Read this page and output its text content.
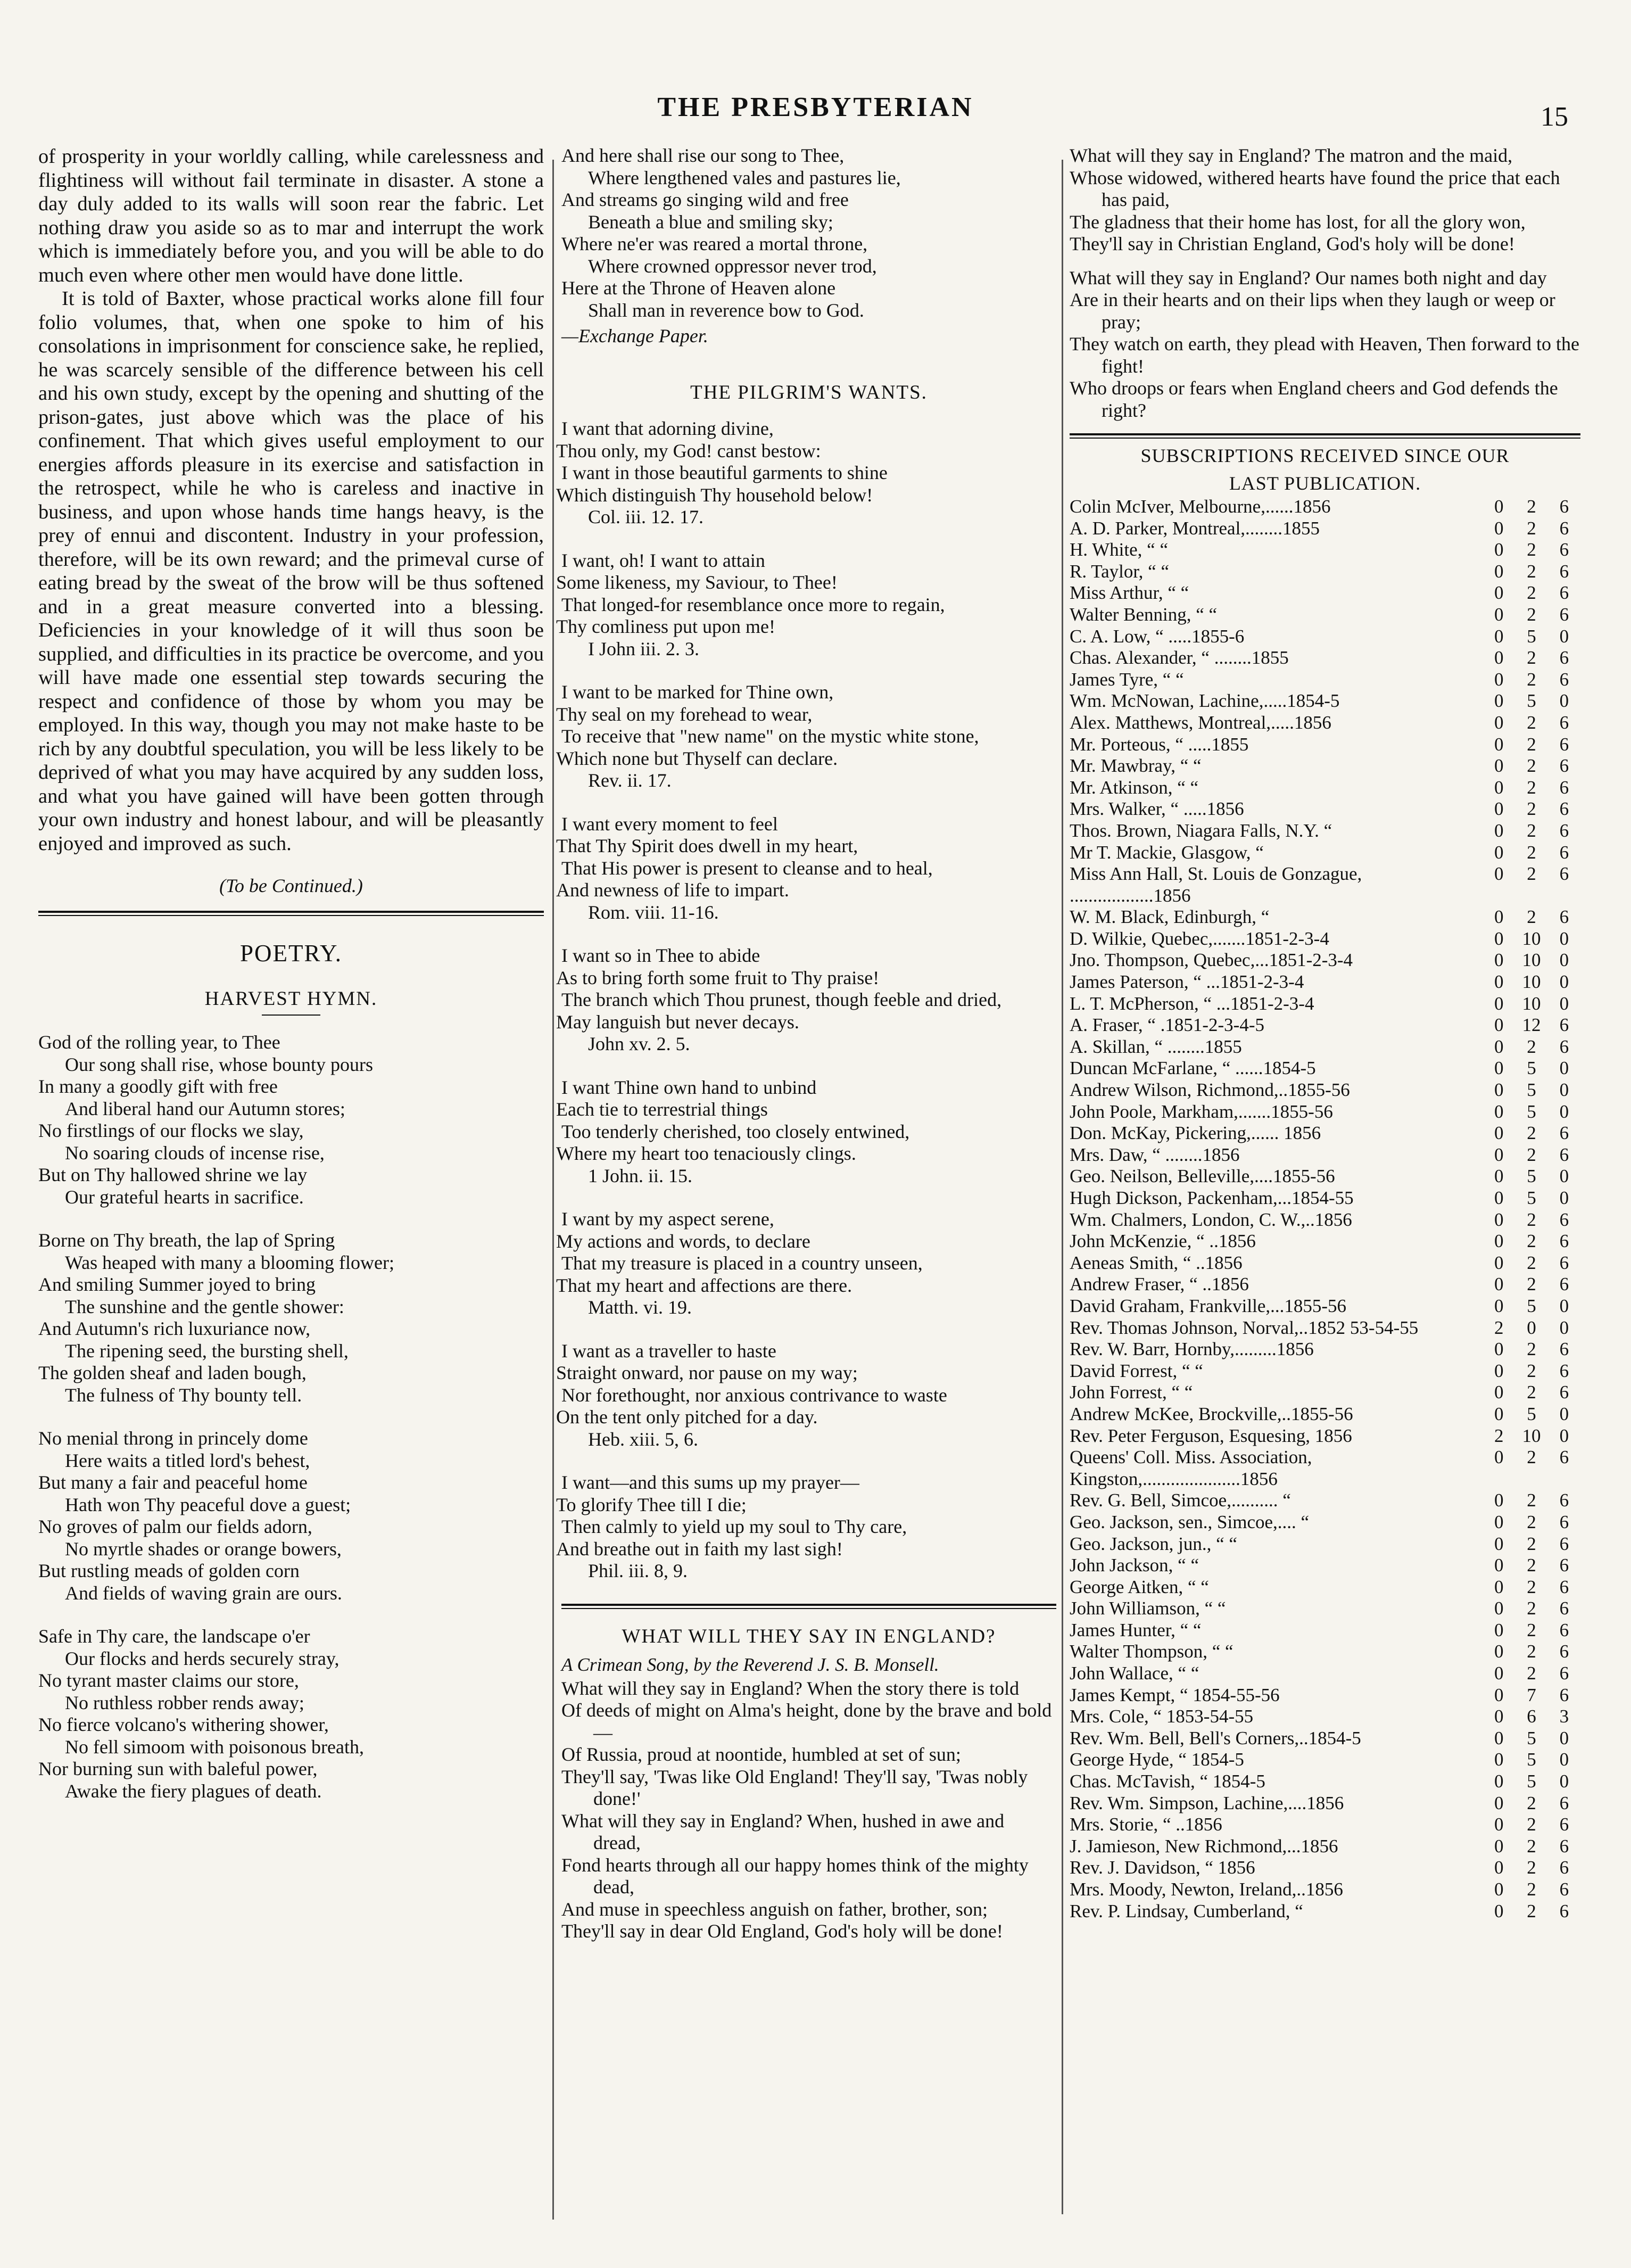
THE PRESBYTERIAN	15

of prosperity in your worldly calling, while carelessness and flightiness will without fail terminate in disaster. A stone a day duly added to its walls will soon rear the fabric. Let nothing draw you aside so as to mar and interrupt the work which is immediately before you, and you will be able to do much even where other men would have done little.

It is told of Baxter, whose practical works alone fill four folio volumes, that, when one spoke to him of his consolations in imprisonment for conscience sake, he replied, he was scarcely sensible of the difference between his cell and his own study, except by the opening and shutting of the prison-gates, just above which was the place of his confinement. That which gives useful employment to our energies affords pleasure in its exercise and satisfaction in the retrospect, while he who is careless and inactive in business, and upon whose hands time hangs heavy, is the prey of ennui and discontent. Industry in your profession, therefore, will be its own reward; and the primeval curse of eating bread by the sweat of the brow will be thus softened and in a great measure converted into a blessing. Deficiencies in your knowledge of it will thus soon be supplied, and difficulties in its practice be overcome, and you will have made one essential step towards securing the respect and confidence of those by whom you may be employed. In this way, though you may not make haste to be rich by any doubtful speculation, you will be less likely to be deprived of what you may have acquired by any sudden loss, and what you have gained will have been gotten through your own industry and honest labour, and will be pleasantly enjoyed and improved as such.

(To be Continued.)
POETRY.
HARVEST HYMN.
God of the rolling year, to Thee
Our song shall rise, whose bounty pours
In many a goodly gift with free
And liberal hand our Autumn stores;
No firstlings of our flocks we slay,
No soaring clouds of incense rise,
But on Thy hallowed shrine we lay
Our grateful hearts in sacrifice.
Borne on Thy breath, the lap of Spring
Was heaped with many a blooming flower;
And smiling Summer joyed to bring
The sunshine and the gentle shower:
And Autumn's rich luxuriance now,
The ripening seed, the bursting shell,
The golden sheaf and laden bough,
The fulness of Thy bounty tell.
No menial throng in princely dome
Here waits a titled lord's behest,
But many a fair and peaceful home
Hath won Thy peaceful dove a guest;
No groves of palm our fields adorn,
No myrtle shades or orange bowers,
But rustling meads of golden corn
And fields of waving grain are ours.
Safe in Thy care, the landscape o'er
Our flocks and herds securely stray,
No tyrant master claims our store,
No ruthless robber rends away;
No fierce volcano's withering shower,
No fell simoom with poisonous breath,
Nor burning sun with baleful power,
Awake the fiery plagues of death.
And here shall rise our song to Thee,
Where lengthened vales and pastures lie,
And streams go singing wild and free
Beneath a blue and smiling sky;
Where ne'er was reared a mortal throne,
Where crowned oppressor never trod,
Here at the Throne of Heaven alone
Shall man in reverence bow to God.
—Exchange Paper.
THE PILGRIM'S WANTS.
I want that adorning divine,
Thou only, my God! canst bestow:
I want in those beautiful garments to shine
Which distinguish Thy household below!
Col. iii. 12. 17.
I want, oh! I want to attain
Some likeness, my Saviour, to Thee!
That longed-for resemblance once more to regain,
Thy comliness put upon me!
I John iii. 2. 3.
I want to be marked for Thine own,
Thy seal on my forehead to wear,
To receive that "new name" on the mystic white stone,
Which none but Thyself can declare.
Rev. ii. 17.
I want every moment to feel
That Thy Spirit does dwell in my heart,
That His power is present to cleanse and to heal,
And newness of life to impart.
Rom. viii. 11-16.
I want so in Thee to abide
As to bring forth some fruit to Thy praise!
The branch which Thou prunest, though feeble and dried,
May languish but never decays.
John xv. 2. 5.
I want Thine own hand to unbind
Each tie to terrestrial things
Too tenderly cherished, too closely entwined,
Where my heart too tenaciously clings.
1 John. ii. 15.
I want by my aspect serene,
My actions and words, to declare
That my treasure is placed in a country unseen,
That my heart and affections are there.
Matth. vi. 19.
I want as a traveller to haste
Straight onward, nor pause on my way;
Nor forethought, nor anxious contrivance to waste
On the tent only pitched for a day.
Heb. xiii. 5, 6.
I want—and this sums up my prayer—
To glorify Thee till I die;
Then calmly to yield up my soul to Thy care,
And breathe out in faith my last sigh!
Phil. iii. 8, 9.
WHAT WILL THEY SAY IN ENGLAND?
A Crimean Song, by the Reverend J. S. B. Monsell.
What will they say in England? When the story there is told
Of deeds of might on Alma's height, done by the brave and bold—
Of Russia, proud at noontide, humbled at set of sun;
They'll say, 'Twas like Old England! They'll say, 'Twas nobly done!'
What will they say in England? When, hushed in awe and dread,
Fond hearts through all our happy homes think of the mighty dead,
And muse in speechless anguish on father, brother, son;
They'll say in dear Old England, God's holy will be done!
What will they say in England? The matron and the maid,
Whose widowed, withered hearts have found the price that each has paid,
The gladness that their home has lost, for all the glory won,
They'll say in Christian England, God's holy will be done!
What will they say in England? Our names both night and day
Are in their hearts and on their lips when they laugh or weep or pray;
They watch on earth, they plead with Heaven, Then forward to the fight!
Who droops or fears when England cheers and God defends the right?
SUBSCRIPTIONS RECEIVED SINCE OUR
LAST PUBLICATION.
Colin McIver, Melbourne,......1856	0	2	6
A. D. Parker, Montreal,........1855	0	2	6
H. White, “ “	0	2	6
R. Taylor, “ “	0	2	6
Miss Arthur, “ “	0	2	6
Walter Benning, “ “	0	2	6
C. A. Low, “ .....1855-6	0	5	0
Chas. Alexander, “ ........1855	0	2	6
James Tyre, “ “	0	2	6
Wm. McNowan, Lachine,.....1854-5	0	5	0
Alex. Matthews, Montreal,.....1856	0	2	6
Mr. Porteous, “ .....1855	0	2	6
Mr. Mawbray, “ “	0	2	6
Mr. Atkinson, “ “	0	2	6
Mrs. Walker, “ .....1856	0	2	6
Thos. Brown, Niagara Falls, N.Y. “	0	2	6
Mr T. Mackie, Glasgow, “	0	2	6
Miss Ann Hall, St. Louis de Gonzague, ..................1856	0	2	6
W. M. Black, Edinburgh, “	0	2	6
D. Wilkie, Quebec,.......1851-2-3-4	0	10	0
Jno. Thompson, Quebec,...1851-2-3-4	0	10	0
James Paterson, “ ...1851-2-3-4	0	10	0
L. T. McPherson, “ ...1851-2-3-4	0	10	0
A. Fraser, “ .1851-2-3-4-5	0	12	6
A. Skillan, “ ........1855	0	2	6
Duncan McFarlane, “ ......1854-5	0	5	0
Andrew Wilson, Richmond,..1855-56	0	5	0
John Poole, Markham,.......1855-56	0	5	0
Don. McKay, Pickering,...... 1856	0	2	6
Mrs. Daw, “ ........1856	0	2	6
Geo. Neilson, Belleville,....1855-56	0	5	0
Hugh Dickson, Packenham,...1854-55	0	5	0
Wm. Chalmers, London, C. W.,..1856	0	2	6
John McKenzie, “ ..1856	0	2	6
Aeneas Smith, “ ..1856	0	2	6
Andrew Fraser, “ ..1856	0	2	6
David Graham, Frankville,...1855-56	0	5	0
Rev. Thomas Johnson, Norval,..1852 53-54-55	2	0	0
Rev. W. Barr, Hornby,.........1856	0	2	6
David Forrest, “ “	0	2	6
John Forrest, “ “	0	2	6
Andrew McKee, Brockville,..1855-56	0	5	0
Rev. Peter Ferguson, Esquesing, 1856	2	10	0
Queens' Coll. Miss. Association, Kingston,.....................1856	0	2	6
Rev. G. Bell, Simcoe,.......... “	0	2	6
Geo. Jackson, sen., Simcoe,.... “	0	2	6
Geo. Jackson, jun., “ “	0	2	6
John Jackson, “ “	0	2	6
George Aitken, “ “	0	2	6
John Williamson, “ “	0	2	6
James Hunter, “ “	0	2	6
Walter Thompson, “ “	0	2	6
John Wallace, “ “	0	2	6
James Kempt, “ 1854-55-56	0	7	6
Mrs. Cole, “ 1853-54-55	0	6	3
Rev. Wm. Bell, Bell's Corners,..1854-5	0	5	0
George Hyde, “ 1854-5	0	5	0
Chas. McTavish, “ 1854-5	0	5	0
Rev. Wm. Simpson, Lachine,....1856	0	2	6
Mrs. Storie, “ ..1856	0	2	6
J. Jamieson, New Richmond,...1856	0	2	6
Rev. J. Davidson, “ 1856	0	2	6
Mrs. Moody, Newton, Ireland,..1856	0	2	6
Rev. P. Lindsay, Cumberland, “	0	2	6
